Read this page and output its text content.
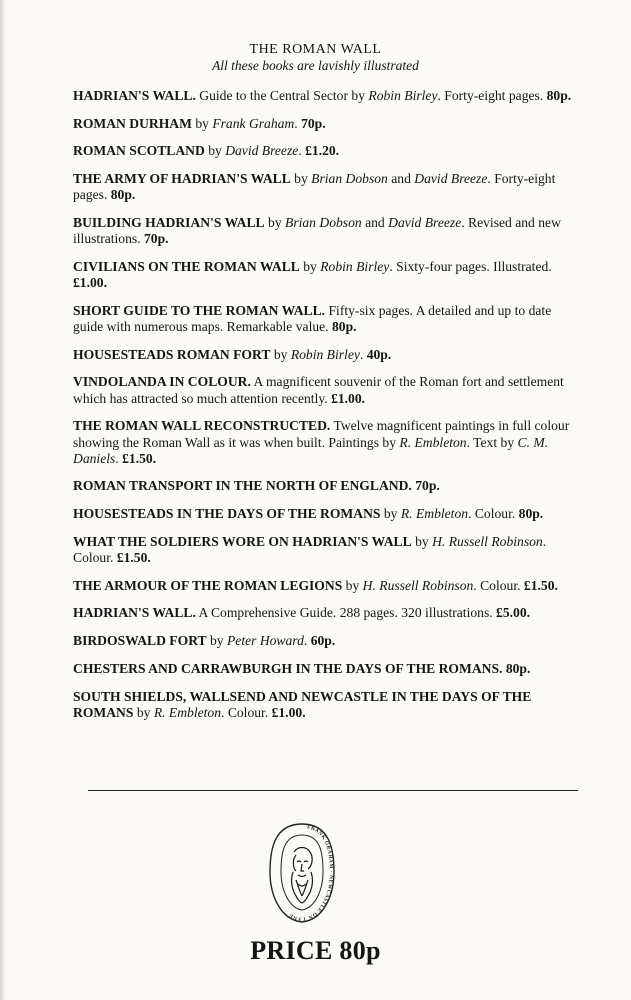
THE ROMAN WALL
All these books are lavishly illustrated
HADRIAN'S WALL. Guide to the Central Sector by Robin Birley. Forty-eight pages. 80p.
ROMAN DURHAM by Frank Graham. 70p.
ROMAN SCOTLAND by David Breeze. £1.20.
THE ARMY OF HADRIAN'S WALL by Brian Dobson and David Breeze. Forty-eight pages. 80p.
BUILDING HADRIAN'S WALL by Brian Dobson and David Breeze. Revised and new illustrations. 70p.
CIVILIANS ON THE ROMAN WALL by Robin Birley. Sixty-four pages. Illustrated. £1.00.
SHORT GUIDE TO THE ROMAN WALL. Fifty-six pages. A detailed and up to date guide with numerous maps. Remarkable value. 80p.
HOUSESTEADS ROMAN FORT by Robin Birley. 40p.
VINDOLANDA IN COLOUR. A magnificent souvenir of the Roman fort and settlement which has attracted so much attention recently. £1.00.
THE ROMAN WALL RECONSTRUCTED. Twelve magnificent paintings in full colour showing the Roman Wall as it was when built. Paintings by R. Embleton. Text by C. M. Daniels. £1.50.
ROMAN TRANSPORT IN THE NORTH OF ENGLAND. 70p.
HOUSESTEADS IN THE DAYS OF THE ROMANS by R. Embleton. Colour. 80p.
WHAT THE SOLDIERS WORE ON HADRIAN'S WALL by H. Russell Robinson. Colour. £1.50.
THE ARMOUR OF THE ROMAN LEGIONS by H. Russell Robinson. Colour. £1.50.
HADRIAN'S WALL. A Comprehensive Guide. 288 pages. 320 illustrations. £5.00.
BIRDOSWALD FORT by Peter Howard. 60p.
CHESTERS AND CARRAWBURGH IN THE DAYS OF THE ROMANS. 80p.
SOUTH SHIELDS, WALLSEND AND NEWCASTLE IN THE DAYS OF THE ROMANS by R. Embleton. Colour. £1.00.
FRANK GRAHAM · NEWCASTLE ON TYNE
PRICE 80p
